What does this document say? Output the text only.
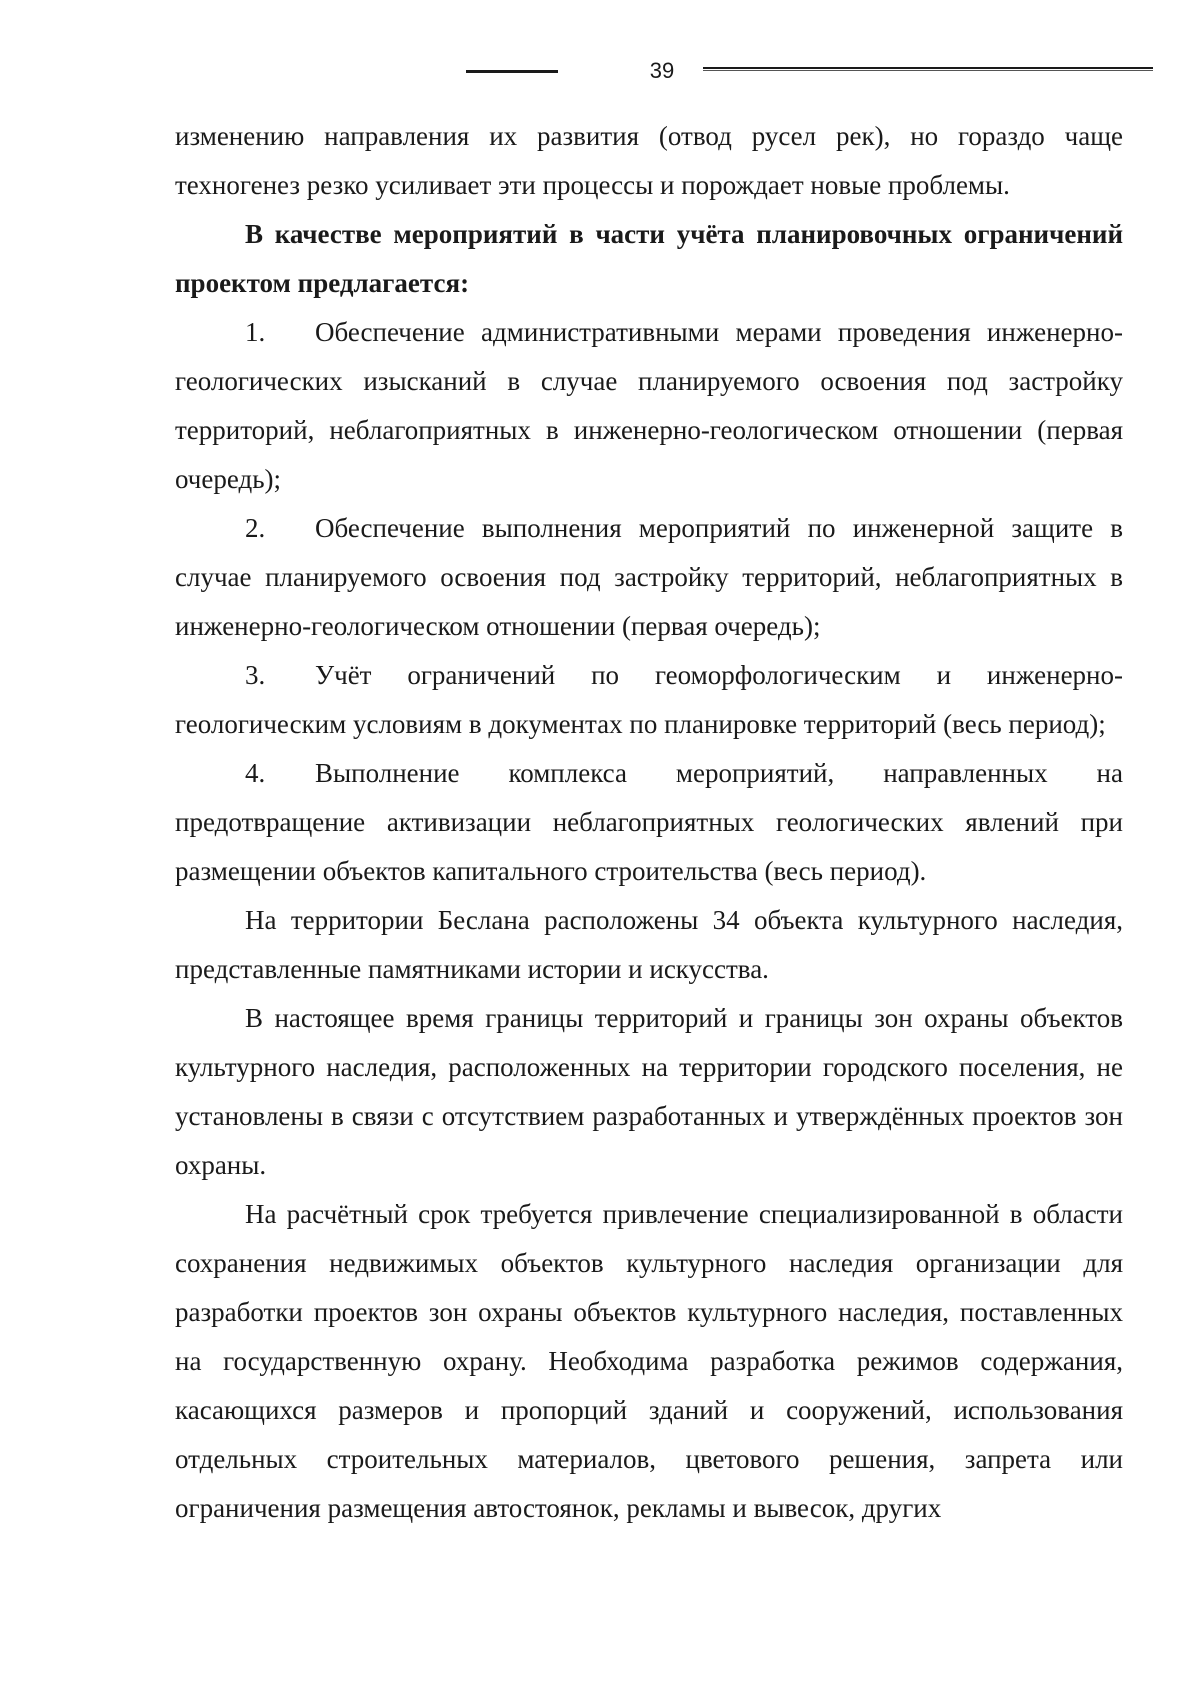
39

изменению направления их развития (отвод русел рек), но гораздо чаще техногенез резко усиливает эти процессы и порождает новые проблемы.

В качестве мероприятий в части учёта планировочных ограничений проектом предлагается:

1. Обеспечение административными мерами проведения инженерно-геологических изысканий в случае планируемого освоения под застройку территорий, неблагоприятных в инженерно-геологическом отношении (первая очередь);

2. Обеспечение выполнения мероприятий по инженерной защите в случае планируемого освоения под застройку территорий, неблагоприятных в инженерно-геологическом отношении (первая очередь);

3. Учёт ограничений по геоморфологическим и инженерно-геологическим условиям в документах по планировке территорий (весь период);

4. Выполнение комплекса мероприятий, направленных на предотвращение активизации неблагоприятных геологических явлений при размещении объектов капитального строительства (весь период).

На территории Беслана расположены 34 объекта культурного наследия, представленные памятниками истории и искусства.

В настоящее время границы территорий и границы зон охраны объектов культурного наследия, расположенных на территории городского поселения, не установлены в связи с отсутствием разработанных и утверждённых проектов зон охраны.

На расчётный срок требуется привлечение специализированной в области сохранения недвижимых объектов культурного наследия организации для разработки проектов зон охраны объектов культурного наследия, поставленных на государственную охрану. Необходима разработка режимов содержания, касающихся размеров и пропорций зданий и сооружений, использования отдельных строительных материалов, цветового решения, запрета или ограничения размещения автостоянок, рекламы и вывесок, других
